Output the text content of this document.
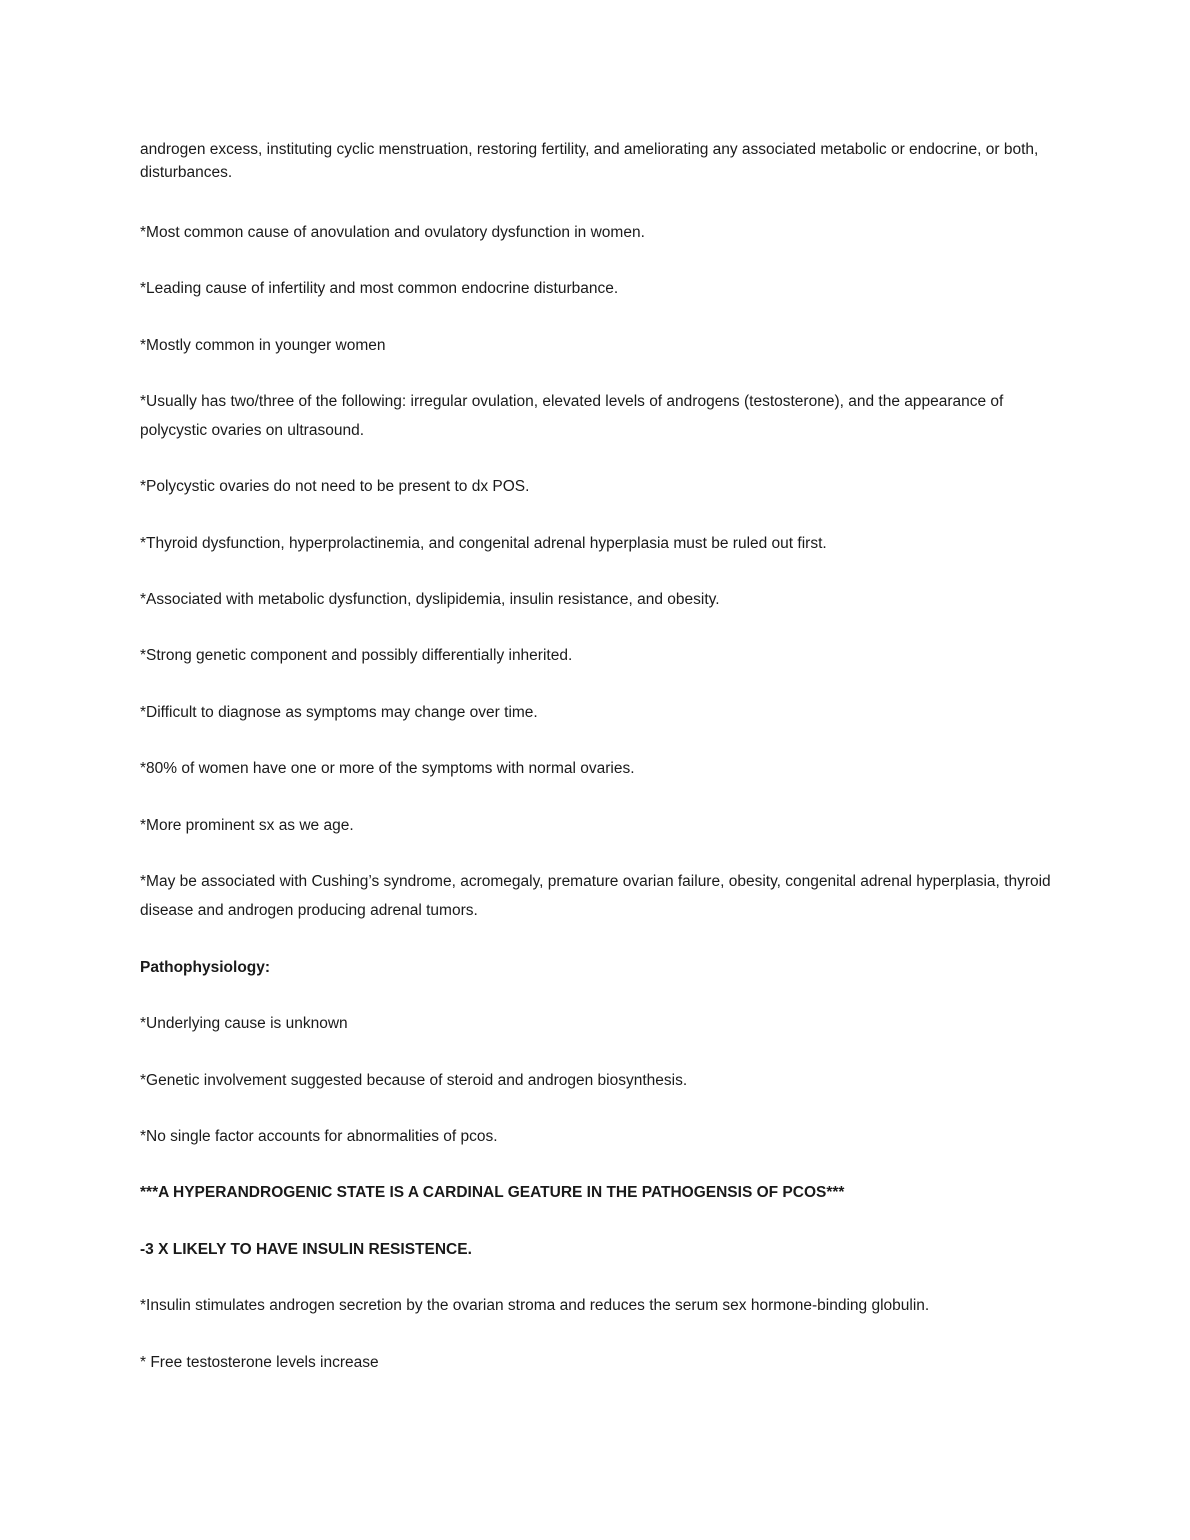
androgen excess, instituting cyclic menstruation, restoring fertility, and ameliorating any associated metabolic or endocrine, or both, disturbances.

*Most common cause of anovulation and ovulatory dysfunction in women.

*Leading cause of infertility and most common endocrine disturbance.

*Mostly common in younger women

*Usually has two/three of the following: irregular ovulation, elevated levels of androgens (testosterone), and the appearance of polycystic ovaries on ultrasound.

*Polycystic ovaries do not need to be present to dx POS.

*Thyroid dysfunction, hyperprolactinemia, and congenital adrenal hyperplasia must be ruled out first.

*Associated with metabolic dysfunction, dyslipidemia, insulin resistance, and obesity.

*Strong genetic component and possibly differentially inherited.

*Difficult to diagnose as symptoms may change over time.

*80% of women have one or more of the symptoms with normal ovaries.

*More prominent sx as we age.

*May be associated with Cushing’s syndrome, acromegaly, premature ovarian failure, obesity, congenital adrenal hyperplasia, thyroid disease and androgen producing adrenal tumors.

Pathophysiology:

*Underlying cause is unknown

*Genetic involvement suggested because of steroid and androgen biosynthesis.

*No single factor accounts for abnormalities of pcos.

***A HYPERANDROGENIC STATE IS A CARDINAL GEATURE IN THE PATHOGENSIS OF PCOS***

-3 X LIKELY TO HAVE INSULIN RESISTENCE.

*Insulin stimulates androgen secretion by the ovarian stroma and reduces the serum sex hormone-binding globulin.

* Free testosterone levels increase
